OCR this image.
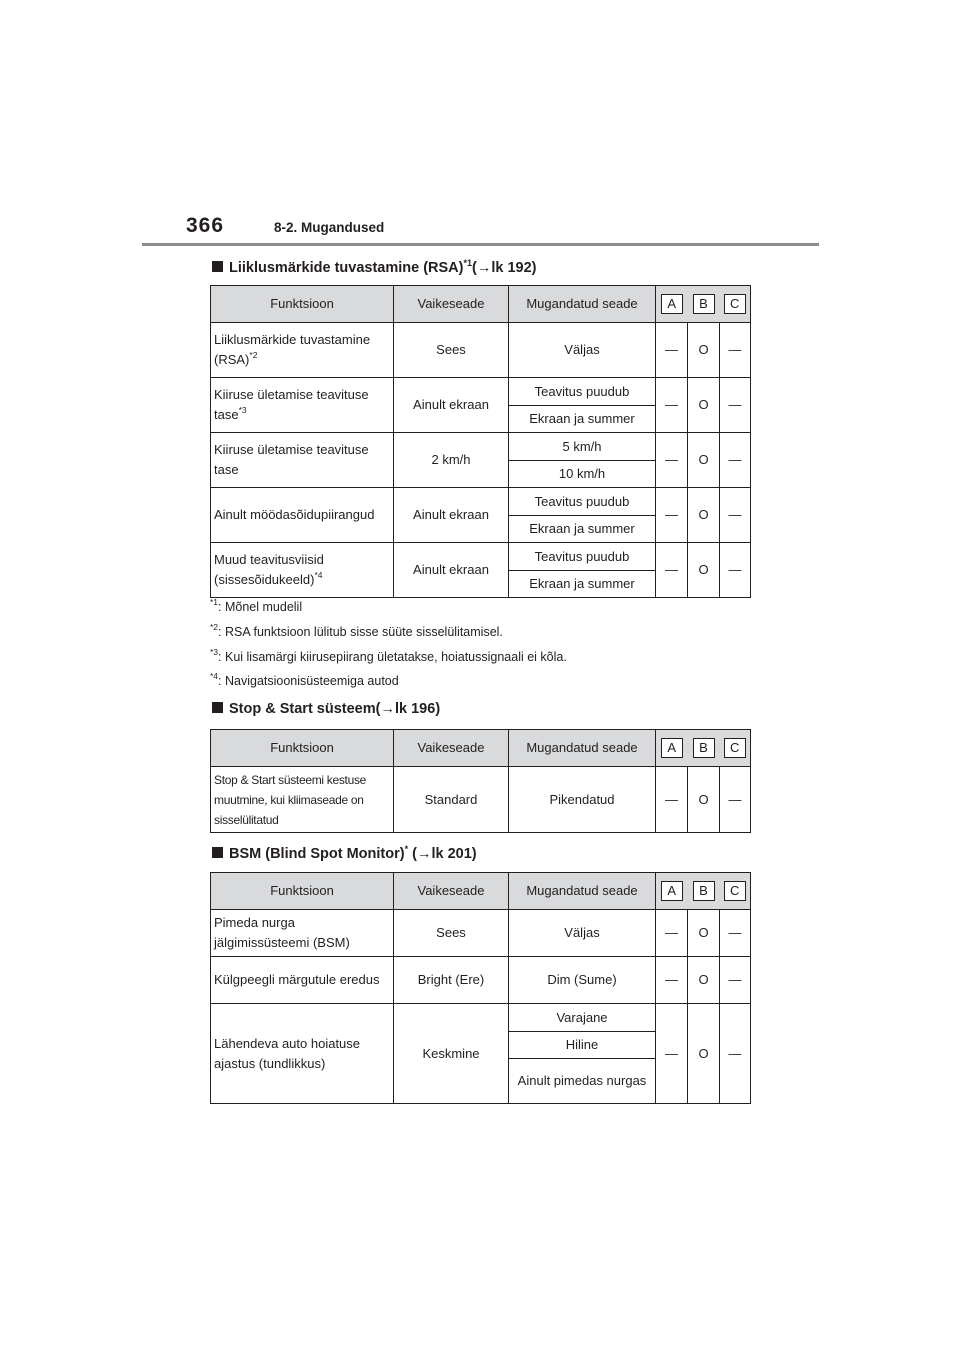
366	8-2. Mugandused
Liiklusmärkide tuvastamine (RSA)$^{*1}$(→lk 192)
Funktsioon	Vaikeseade	Mugandatud seade	A	B	C
Liiklusmärkide tuvastamine (RSA)$^{*2}$	Sees	Väljas	—	O	—
Kiiruse ületamise teavituse tase$^{*3}$	Ainult ekraan	Teavitus puudub	—	O	—
		Ekraan ja summer			
Kiiruse ületamise teavituse tase	2 km/h	5 km/h	—	O	—
		10 km/h			
Ainult möödasõidupiirangud	Ainult ekraan	Teavitus puudub	—	O	—
		Ekraan ja summer			
Muud teavitusviisid (sissesõidukeeld)$^{*4}$	Ainult ekraan	Teavitus puudub	—	O	—
		Ekraan ja summer			
$^{*1}$: Mõnel mudelil
$^{*2}$: RSA funktsioon lülitub sisse süüte sisselülitamisel.
$^{*3}$: Kui lisamärgi kiirusepiirang ületatakse, hoiatussignaali ei kõla.
$^{*4}$: Navigatsioonisüsteemiga autod
Stop & Start süsteem(→lk 196)
Funktsioon	Vaikeseade	Mugandatud seade	A	B	C
Stop & Start süsteemi kestuse muutmine, kui kliimaseade on sisselülitatud	Standard	Pikendatud	—	O	—
BSM (Blind Spot Monitor)* (→lk 201)
Funktsioon	Vaikeseade	Mugandatud seade	A	B	C
Pimeda nurga jälgimissüsteemi (BSM)	Sees	Väljas	—	O	—
Külgpeegli märgutule eredus	Bright (Ere)	Dim (Sume)	—	O	—
Lähendeva auto hoiatuse ajastus (tundlikkus)	Keskmine	Varajane	—	O	—
		Hiline			
		Ainult pimedas nurgas			
